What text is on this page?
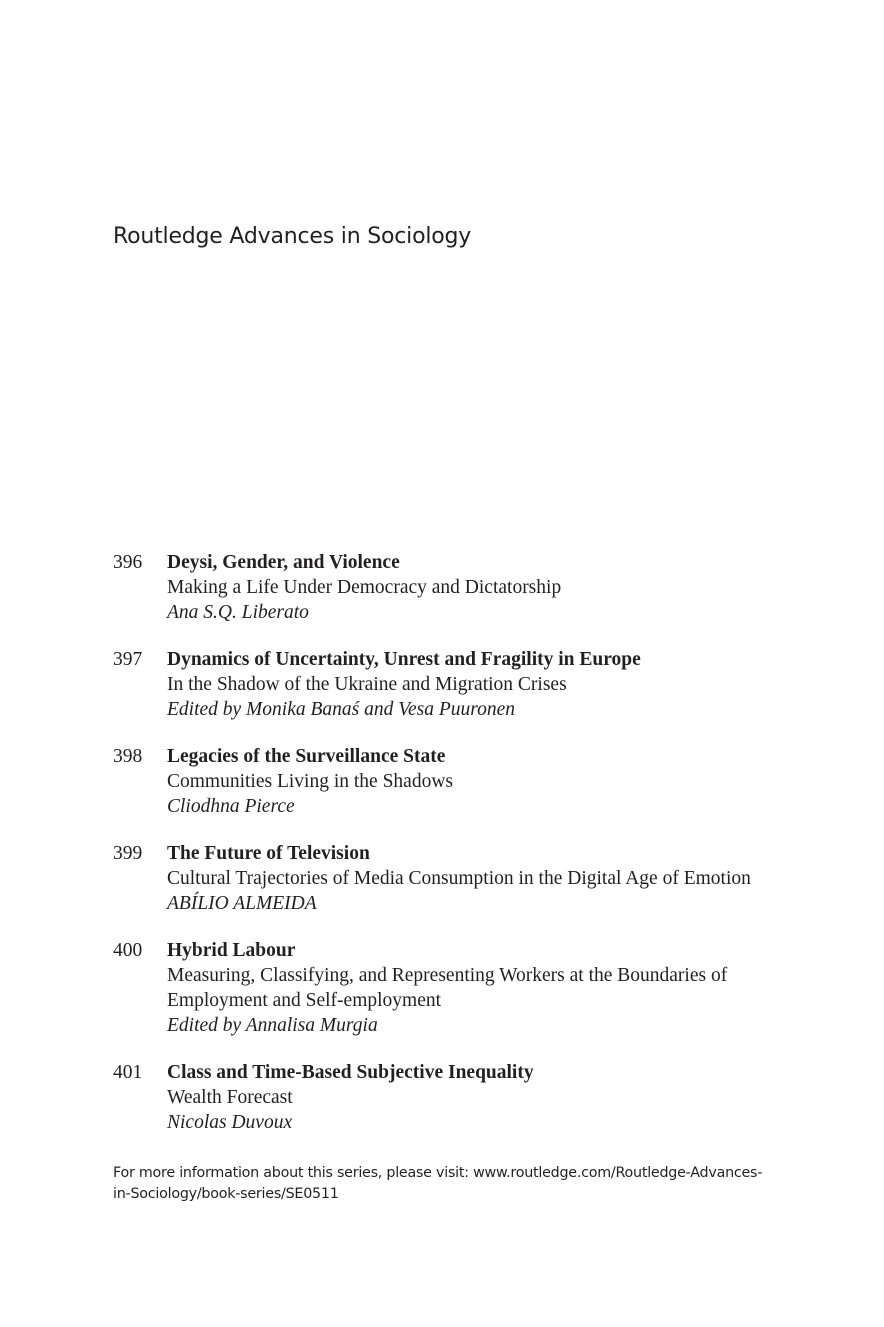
Routledge Advances in Sociology
396 Deysi, Gender, and Violence
Making a Life Under Democracy and Dictatorship
Ana S.Q. Liberato
397 Dynamics of Uncertainty, Unrest and Fragility in Europe
In the Shadow of the Ukraine and Migration Crises
Edited by Monika Banaś and Vesa Puuronen
398 Legacies of the Surveillance State
Communities Living in the Shadows
Cliodhna Pierce
399 The Future of Television
Cultural Trajectories of Media Consumption in the Digital Age of Emotion
ABÍLIO ALMEIDA
400 Hybrid Labour
Measuring, Classifying, and Representing Workers at the Boundaries of Employment and Self-employment
Edited by Annalisa Murgia
401 Class and Time-Based Subjective Inequality
Wealth Forecast
Nicolas Duvoux

For more information about this series, please visit: www.routledge.com/Routledge-Advances-
in-Sociology/book-series/SE0511
